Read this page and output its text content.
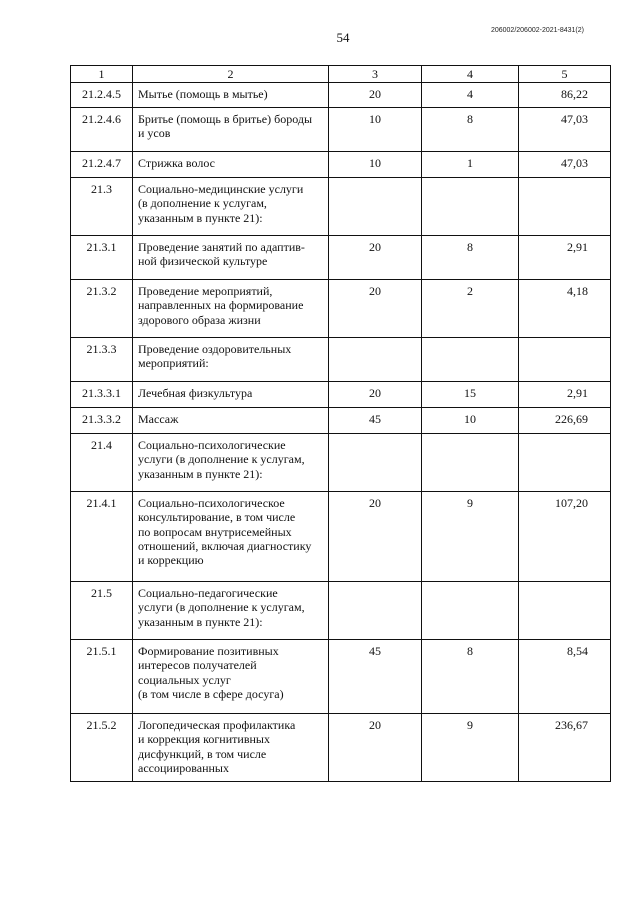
54	206002/206002-2021-8431(2)
1	2	3	4	5
21.2.4.5	Мытье (помощь в мытье)	20	4	86,22
21.2.4.6	Бритье (помощь в бритье) бороды
и усов	10	8	47,03
21.2.4.7	Стрижка волос	10	1	47,03
21.3	Социально-медицинские услуги
(в дополнение к услугам,
указанным в пункте 21):			
21.3.1	Проведение занятий по адаптив-
ной физической культуре	20	8	2,91
21.3.2	Проведение мероприятий,
направленных на формирование
здорового образа жизни	20	2	4,18
21.3.3	Проведение оздоровительных
мероприятий:			
21.3.3.1	Лечебная физкультура	20	15	2,91
21.3.3.2	Массаж	45	10	226,69
21.4	Социально-психологические
услуги (в дополнение к услугам,
указанным в пункте 21):			
21.4.1	Социально-психологическое
консультирование, в том числе
по вопросам внутрисемейных
отношений, включая диагностику
и коррекцию	20	9	107,20
21.5	Социально-педагогические
услуги (в дополнение к услугам,
указанным в пункте 21):			
21.5.1	Формирование позитивных
интересов получателей
социальных услуг
(в том числе в сфере досуга)	45	8	8,54
21.5.2	Логопедическая профилактика
и коррекция когнитивных
дисфункций, в том числе
ассоциированных	20	9	236,67
